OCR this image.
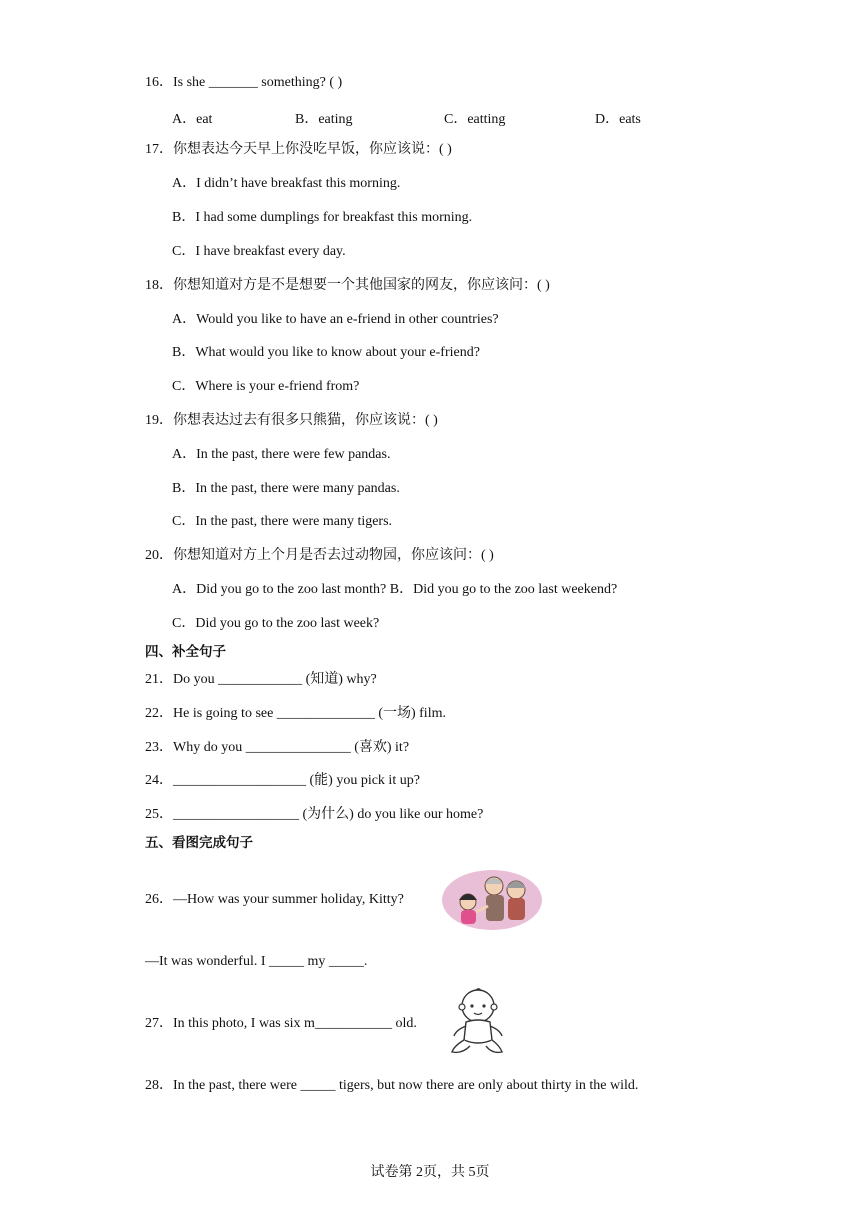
16．Is she _______ something? ( )
A．eat	B．eating	C．eatting	D．eats
17．你想表达今天早上你没吃早饭，你应该说：( )
A．I didn’t have breakfast this morning.
B．I had some dumplings for breakfast this morning.
C．I have breakfast every day.
18．你想知道对方是不是想要一个其他国家的网友，你应该问：( )
A．Would you like to have an e-friend in other countries?
B．What would you like to know about your e-friend?
C．Where is your e-friend from?
19．你想表达过去有很多只熊猫，你应该说：( )
A．In the past, there were few pandas.
B．In the past, there were many pandas.
C．In the past, there were many tigers.
20．你想知道对方上个月是否去过动物园，你应该问：( )
A．Did you go to the zoo last month? B．Did you go to the zoo last weekend?
C．Did you go to the zoo last week?
四、补全句子
21．Do you ____________ (知道) why?
22．He is going to see ______________ (一场) film.
23．Why do you _______________ (喜欢) it?
24．___________________ (能) you pick it up?
25．__________________ (为什么) do you like our home?
五、看图完成句子
26．—How was your summer holiday, Kitty?
—It was wonderful. I _____ my _____.
27．In this photo, I was six m___________ old.
28．In the past, there were _____ tigers, but now there are only about thirty in the wild.
试卷第 2页，共 5页
